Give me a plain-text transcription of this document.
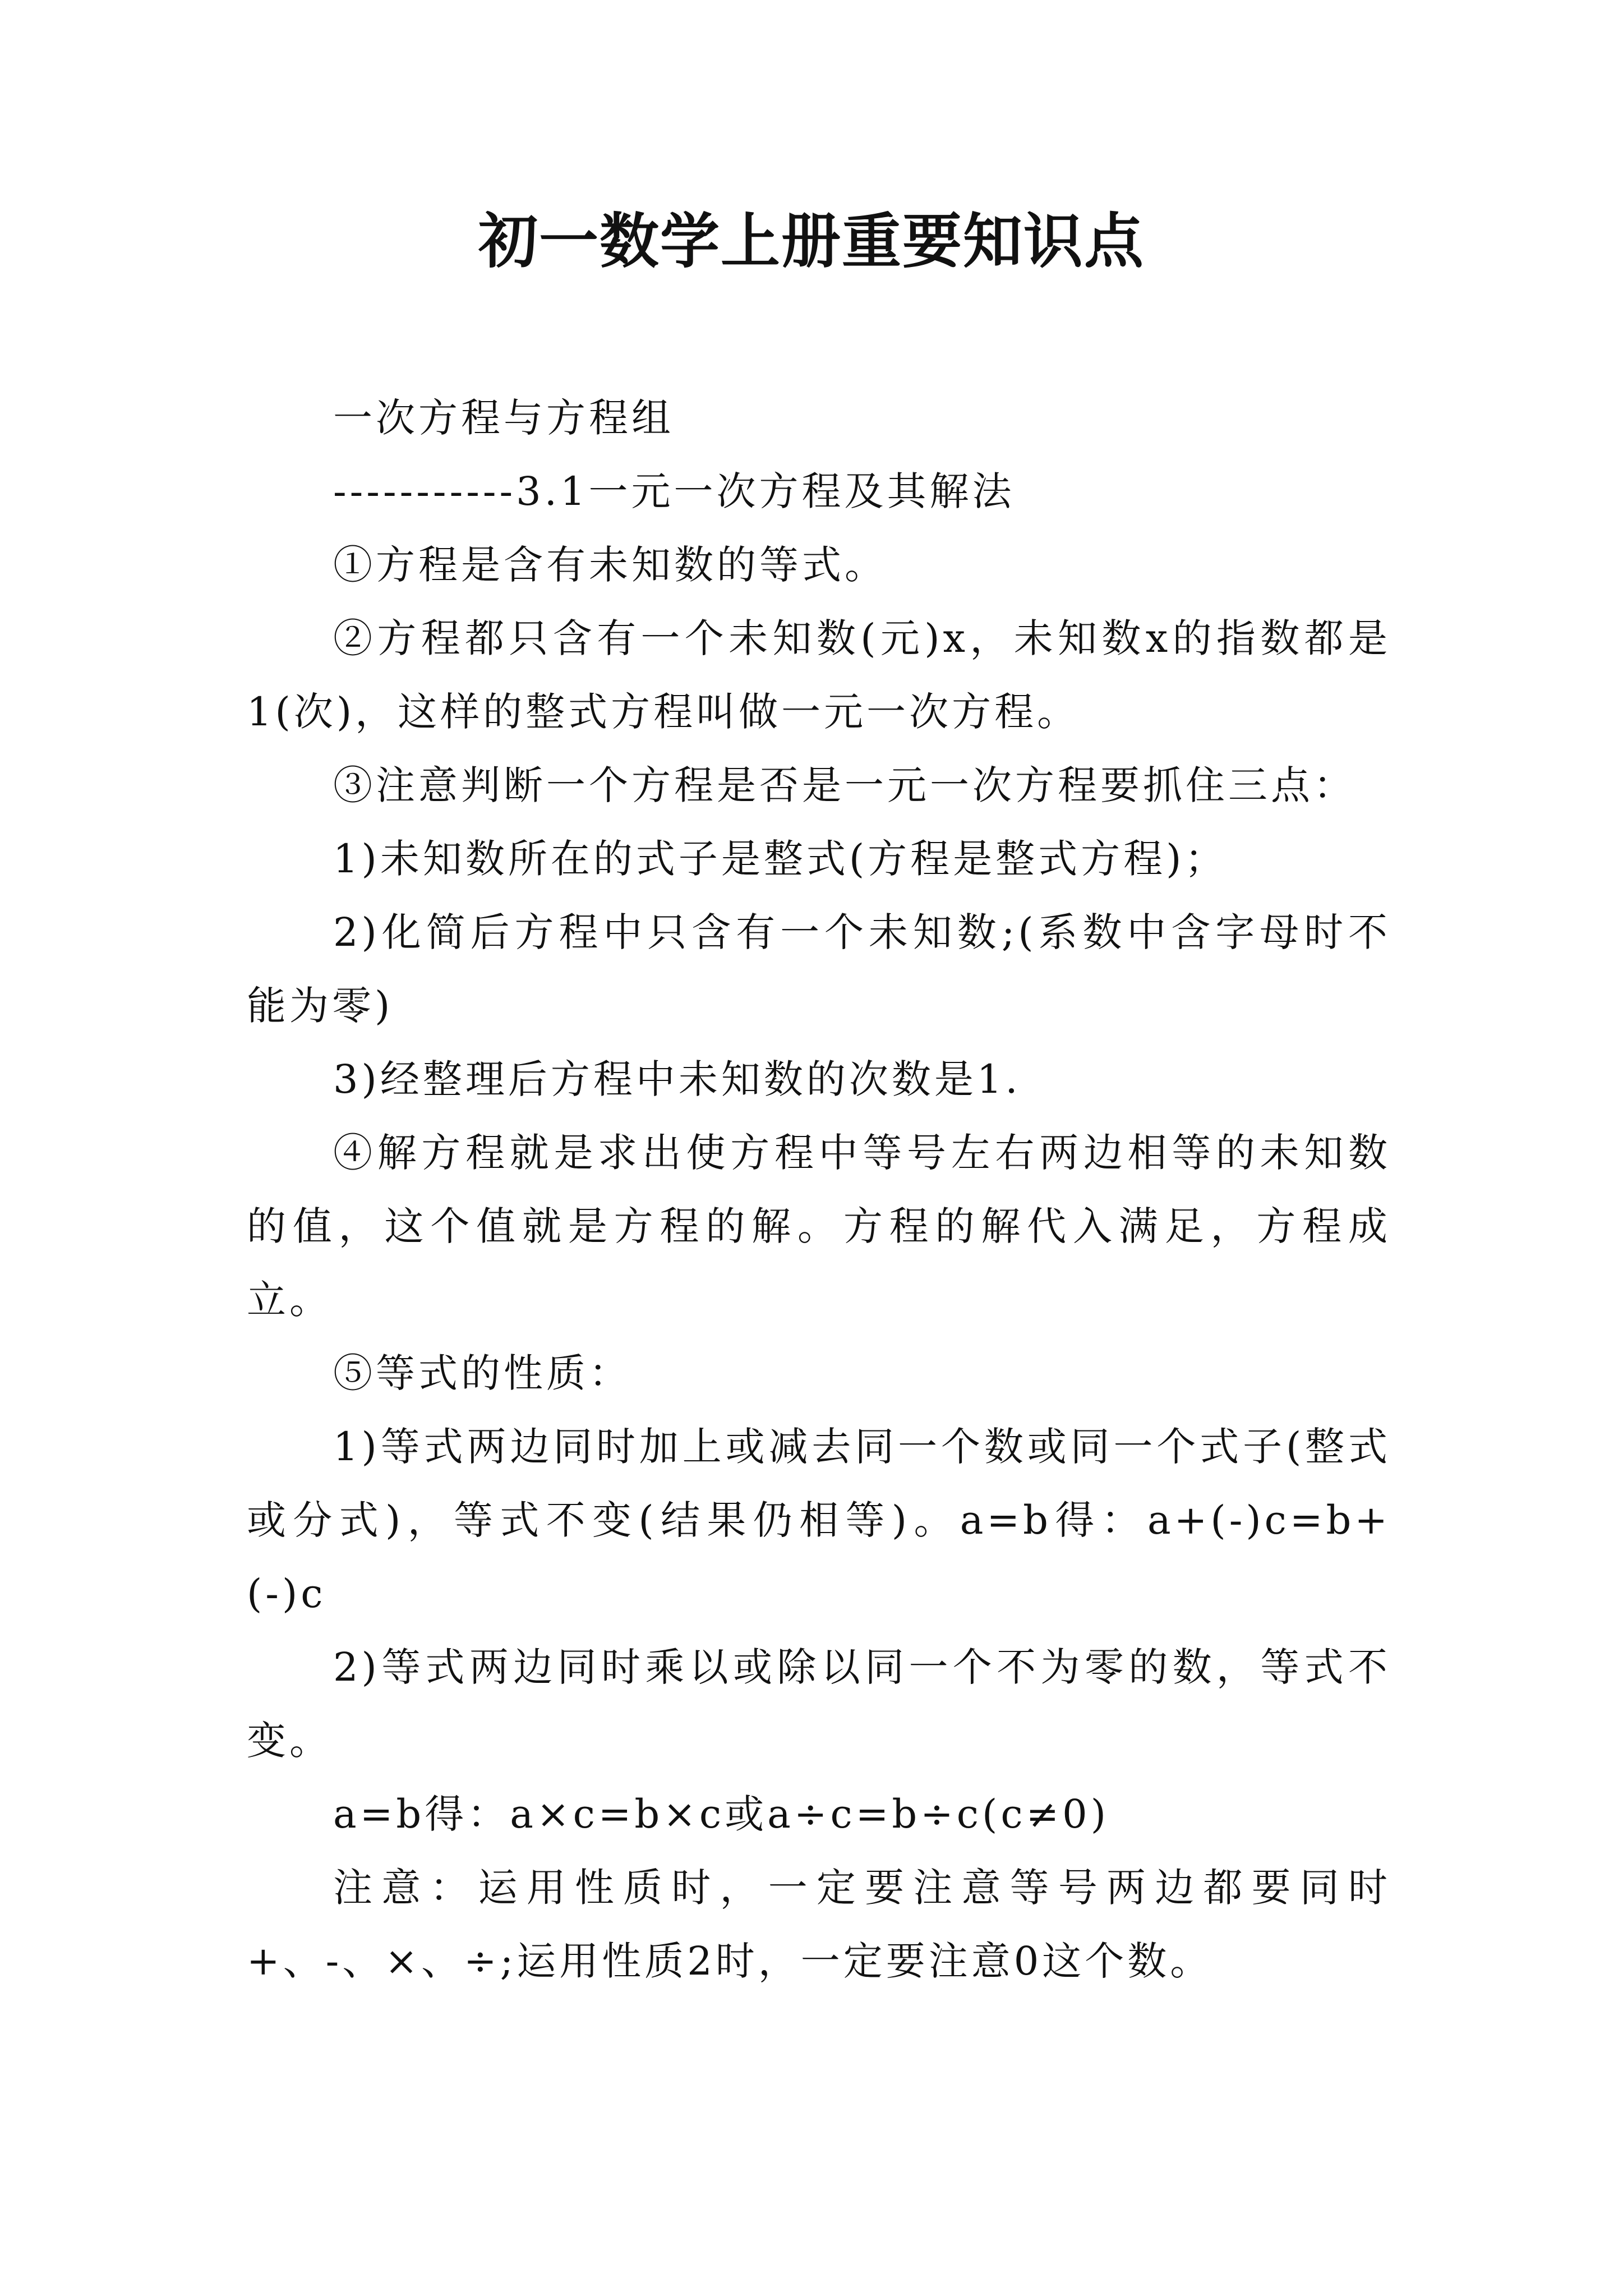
初一数学上册重要知识点

一次方程与方程组

-----------3.1一元一次方程及其解法

①方程是含有未知数的等式。

②方程都只含有一个未知数(元)x，未知数x的指数都是1(次)，这样的整式方程叫做一元一次方程。

③注意判断一个方程是否是一元一次方程要抓住三点：

1)未知数所在的式子是整式(方程是整式方程)；

2)化简后方程中只含有一个未知数;(系数中含字母时不能为零)

3)经整理后方程中未知数的次数是1.

④解方程就是求出使方程中等号左右两边相等的未知数的值，这个值就是方程的解。方程的解代入满足，方程成立。

⑤等式的性质：

1)等式两边同时加上或减去同一个数或同一个式子(整式或分式)，等式不变(结果仍相等)。a=b得：a+(-)c=b+(-)c

2)等式两边同时乘以或除以同一个不为零的数，等式不变。

a=b得：a×c=b×c或a÷c=b÷c(c≠0)

注意：运用性质时，一定要注意等号两边都要同时+、-、×、÷;运用性质2时，一定要注意0这个数。
